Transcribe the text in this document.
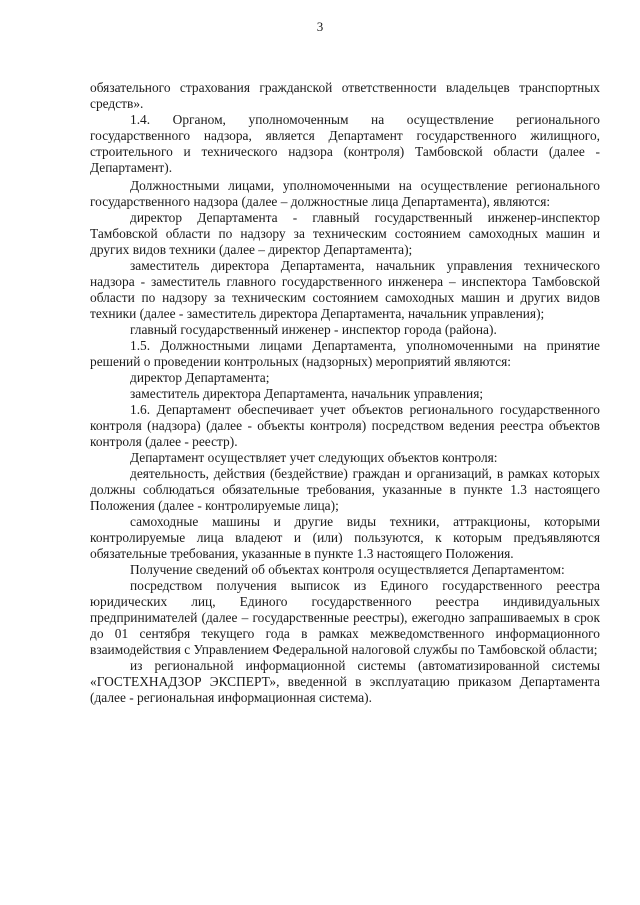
3

обязательного страхования гражданской ответственности владельцев транспортных средств».

1.4. Органом, уполномоченным на осуществление регионального государственного надзора, является Департамент государственного жилищного, строительного и технического надзора (контроля) Тамбовской области (далее - Департамент).

Должностными лицами, уполномоченными на осуществление регионального государственного надзора (далее – должностные лица Департамента), являются:

директор Департамента - главный государственный инженер-инспектор Тамбовской области по надзору за техническим состоянием самоходных машин и других видов техники (далее – директор Департамента);

заместитель директора Департамента, начальник управления технического надзора - заместитель главного государственного инженера – инспектора Тамбовской области по надзору за техническим состоянием самоходных машин и других видов техники (далее - заместитель директора Департамента, начальник управления);

главный государственный инженер - инспектор города (района).

1.5. Должностными лицами Департамента, уполномоченными на принятие решений о проведении контрольных (надзорных) мероприятий являются:

директор Департамента;

заместитель директора Департамента, начальник управления;

1.6. Департамент обеспечивает учет объектов регионального государственного контроля (надзора) (далее - объекты контроля) посредством ведения реестра объектов контроля (далее - реестр).

Департамент осуществляет учет следующих объектов контроля:

деятельность, действия (бездействие) граждан и организаций, в рамках которых должны соблюдаться обязательные требования, указанные в пункте 1.3 настоящего Положения (далее - контролируемые лица);

самоходные машины и другие виды техники, аттракционы, которыми контролируемые лица владеют и (или) пользуются, к которым предъявляются обязательные требования, указанные в пункте 1.3 настоящего Положения.

Получение сведений об объектах контроля осуществляется Департаментом:

посредством получения выписок из Единого государственного реестра юридических лиц, Единого государственного реестра индивидуальных предпринимателей (далее – государственные реестры), ежегодно запрашиваемых в срок до 01 сентября текущего года в рамках межведомственного информационного взаимодействия с Управлением Федеральной налоговой службы по Тамбовской области;

из региональной информационной системы (автоматизированной системы «ГОСТЕХНАДЗОР ЭКСПЕРТ», введенной в эксплуатацию приказом Департамента (далее - региональная информационная система).
